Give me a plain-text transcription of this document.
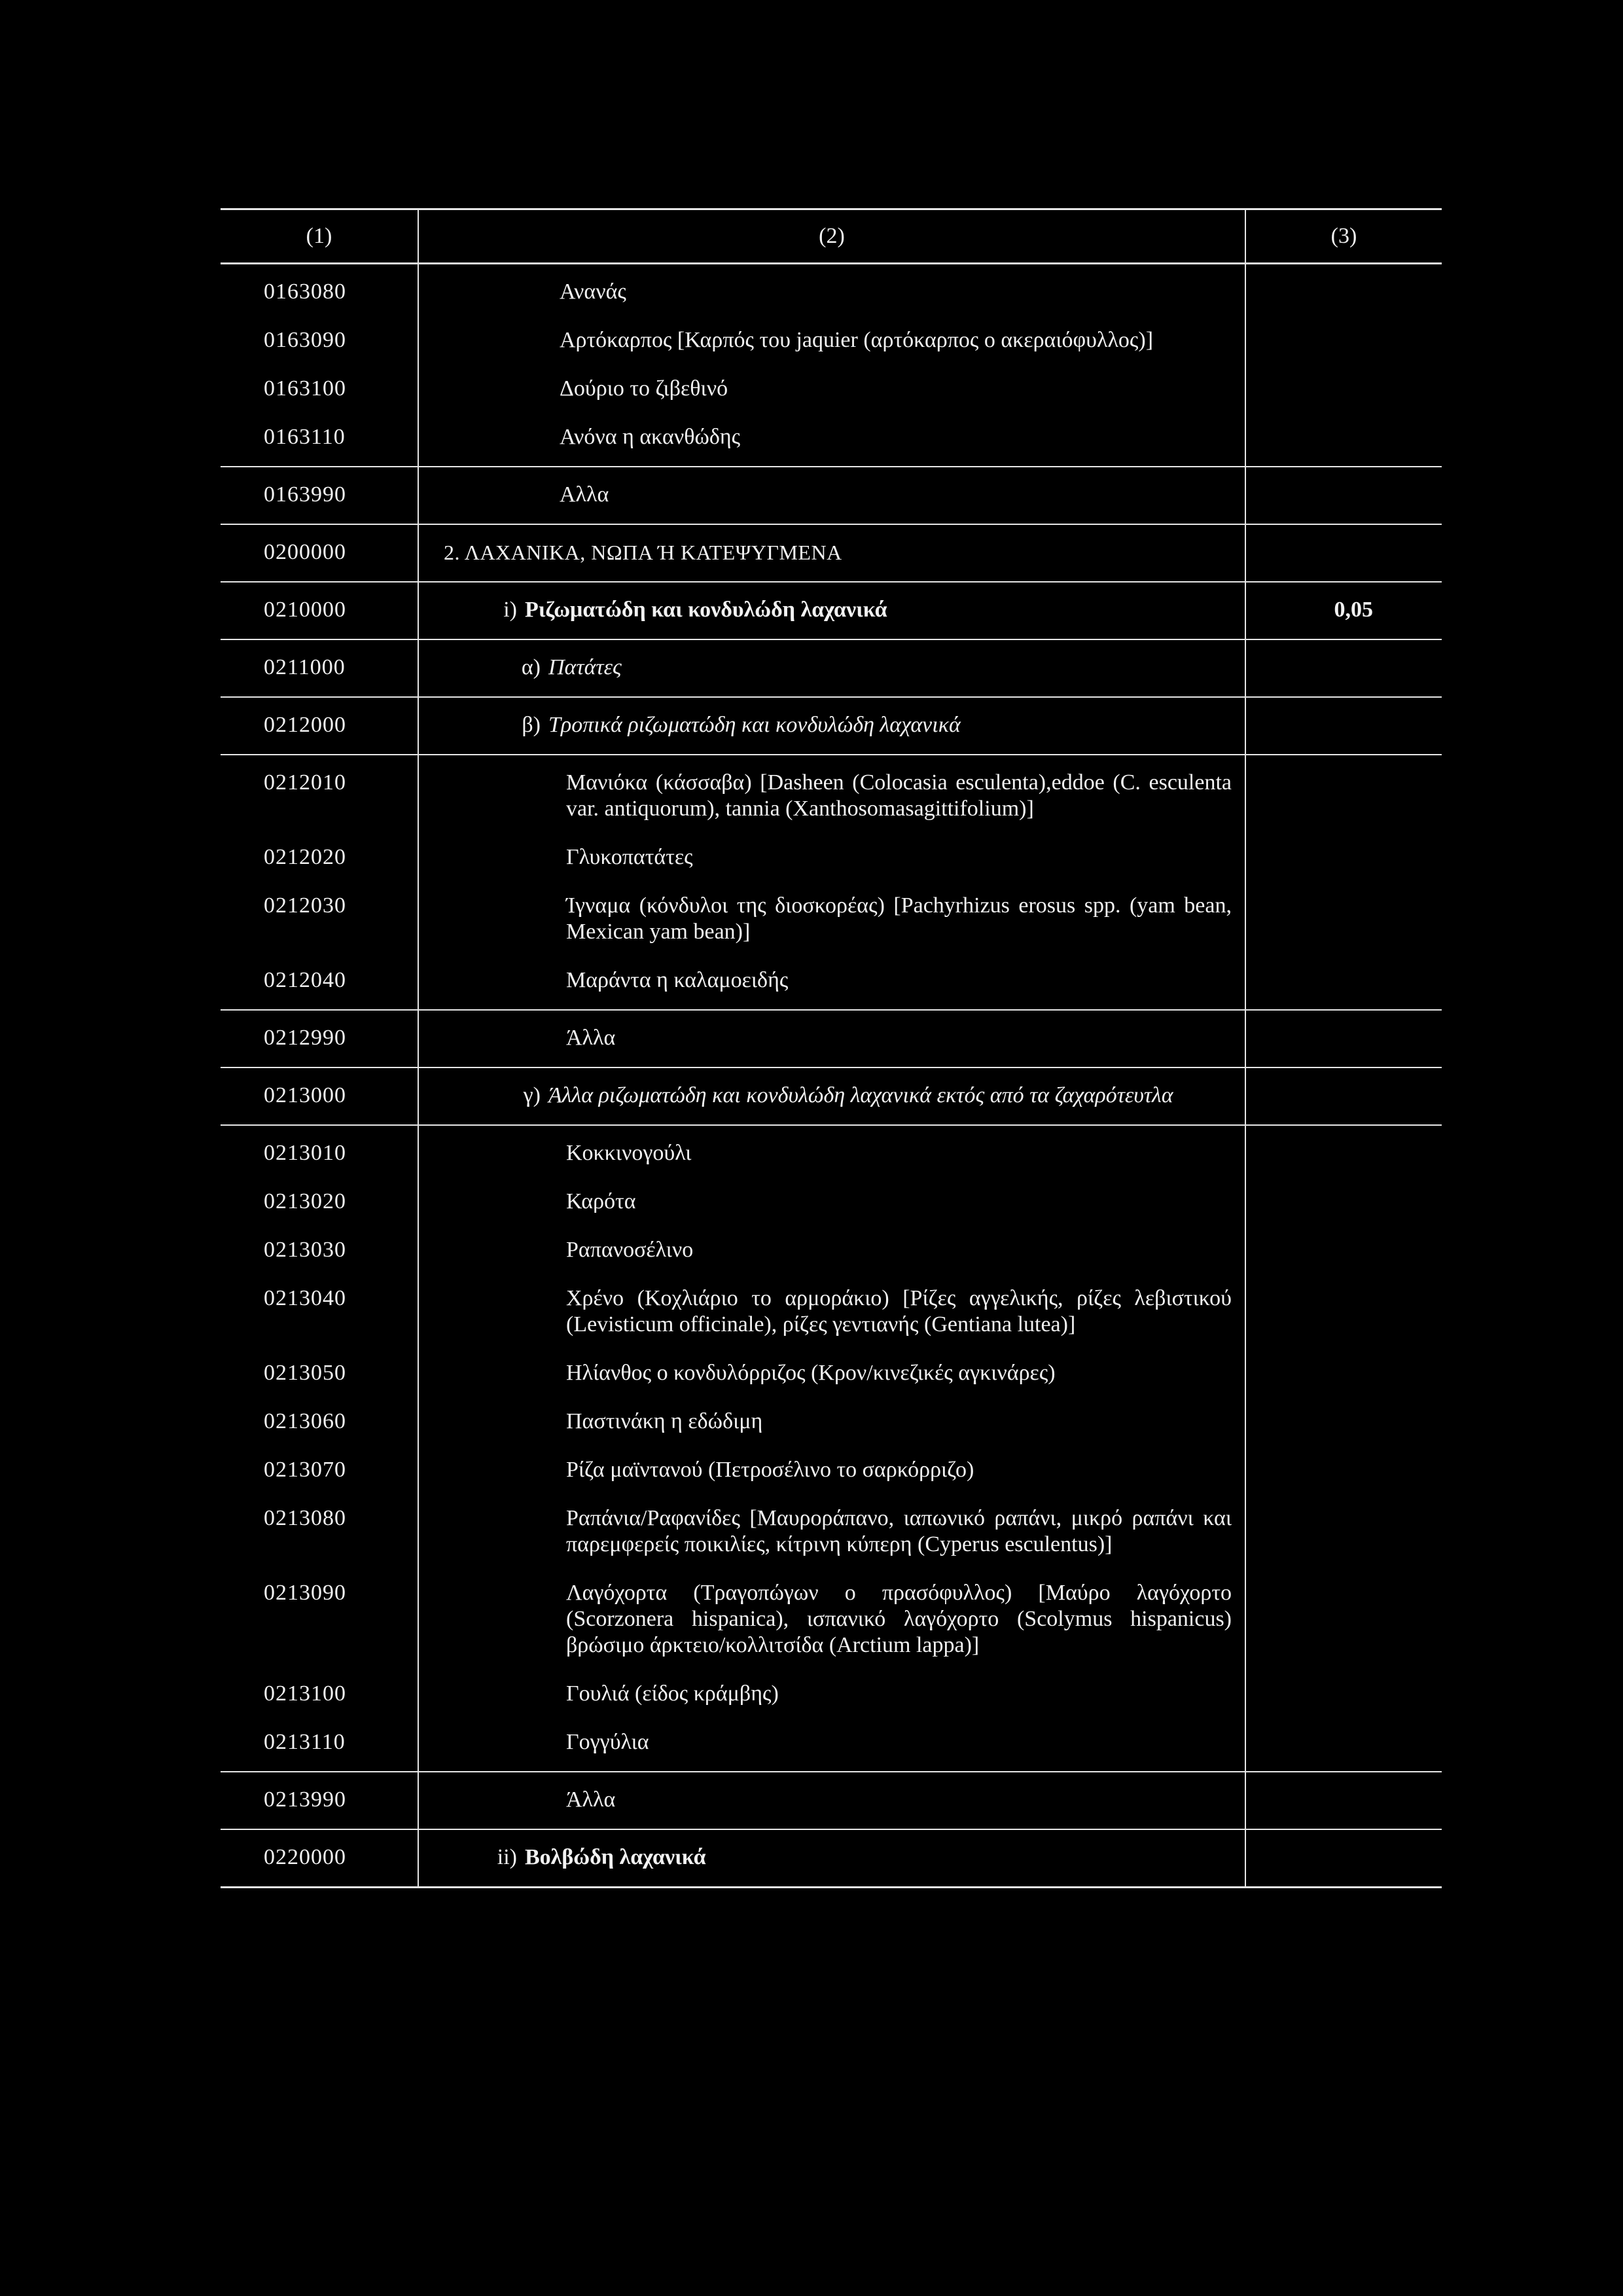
(1)	(2)	(3)

0163080	Ανανάς	

0163090	Αρτόκαρπος [Καρπός του jaquier (αρτόκαρπος ο ακεραιόφυλλος)]	

0163100	Δούριο το ζιβεθινό	

0163110	Ανόνα η ακανθώδης	

0163990	Αλλα	

0200000	2. ΛΑΧΑΝΙΚΑ, ΝΩΠΑ Ή ΚΑΤΕΨΥΓΜΕΝΑ	

0210000	i) Ριζωματώδη και κονδυλώδη λαχανικά	0,05

0211000	α) Πατάτες	

0212000	β) Τροπικά ριζωματώδη και κονδυλώδη λαχανικά	

0212010	Μανιόκα (κάσσαβα) [Dasheen (Colocasia esculenta),eddoe (C. esculenta var. antiquorum), tannia (Xanthosomasagittifolium)]	

0212020	Γλυκοπατάτες	

0212030	Ίγναμα (κόνδυλοι της διοσκορέας) [Pachyrhizus erosus spp. (yam bean, Mexican yam bean)]	

0212040	Μαράντα η καλαμοειδής	

0212990	Άλλα	

0213000	γ) Άλλα ριζωματώδη και κονδυλώδη λαχανικά εκτός από τα ζαχαρότευτλα	

0213010	Κοκκινογούλι	

0213020	Καρότα	

0213030	Ραπανοσέλινο	

0213040	Χρένο (Κοχλιάριο το αρμοράκιο) [Ρίζες αγγελικής, ρίζες λεβιστικού (Levisticum officinale), ρίζες γεντιανής (Gentiana lutea)]	

0213050	Ηλίανθος ο κονδυλόρριζος (Κρον/κινεζικές αγκινάρες)	

0213060	Παστινάκη η εδώδιμη	

0213070	Ρίζα μαϊντανού (Πετροσέλινο το σαρκόρριζο)	

0213080	Ραπάνια/Ραφανίδες [Μαυροράπανο, ιαπωνικό ραπάνι, μικρό ραπάνι και παρεμφερείς ποικιλίες, κίτρινη κύπερη (Cyperus esculentus)]	

0213090	Λαγόχορτα (Τραγοπώγων ο πρασόφυλλος) [Μαύρο λαγόχορτο (Scorzonera hispanica), ισπανικό λαγόχορτο (Scolymus hispanicus) βρώσιμο άρκτειο/κολλιτσίδα (Arctium lappa)]	

0213100	Γουλιά (είδος κράμβης)	

0213110	Γογγύλια	

0213990	Άλλα	

0220000	ii) Βολβώδη λαχανικά	
